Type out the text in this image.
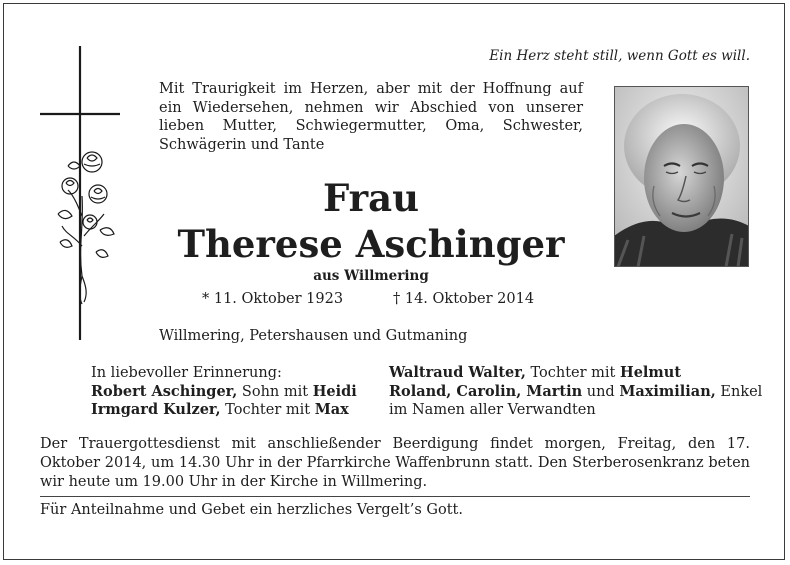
Ein Herz steht still, wenn Gott es will.
Mit Traurigkeit im Herzen, aber mit der Hoffnung auf ein Wiedersehen, nehmen wir Abschied von unserer lieben Mutter, Schwiegermutter, Oma, Schwester, Schwägerin und Tante
Frau
Therese Aschinger
aus Willmering
* 11. Oktober 1923	† 14. Oktober 2014
Willmering, Petershausen und Gutmaning
In liebevoller Erinnerung:
Robert Aschinger, Sohn mit Heidi
Irmgard Kulzer, Tochter mit Max
Waltraud Walter, Tochter mit Helmut
Roland, Carolin, Martin und Maximilian, Enkel
im Namen aller Verwandten
Der Trauergottesdienst mit anschließender Beerdigung findet morgen, Freitag, den 17. Oktober 2014, um 14.30 Uhr in der Pfarrkirche Waffenbrunn statt. Den Sterberosenkranz beten wir heute um 19.00 Uhr in der Kirche in Willmering.
Für Anteilnahme und Gebet ein herzliches Vergelt’s Gott.
